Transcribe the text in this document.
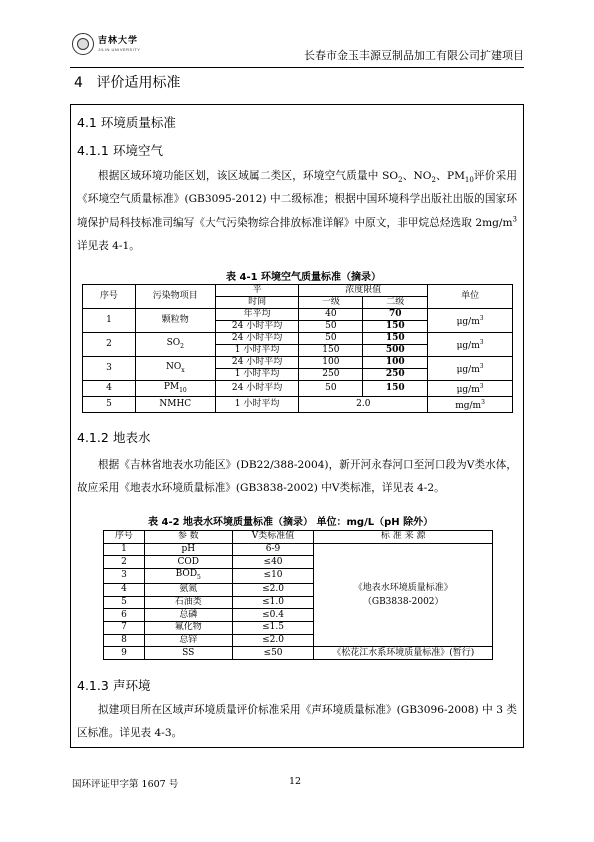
吉林大学
JILIN UNIVERSITY	长春市金玉丰源豆制品加工有限公司扩建项目
4 评价适用标准
4.1 环境质量标准
4.1.1 环境空气
根据区域环境功能区划，该区域属二类区，环境空气质量中 $SO_2$、$NO_2$、$PM_{10}$评价采用《环境空气质量标准》(GB3095-2012) 中二级标准；根据中国环境科学出版社出版的国家环境保护局科技标准司编写《大气污染物综合排放标准详解》中原文，非甲烷总烃选取 $2mg/m^3$ 详见表 4-1。
表 4-1 环境空气质量标准（摘录）
序号	污染物项目	平	浓度限值		单位
		时间	一级	二级	
1	颗粒物	年平均	40	70	$\mu g/m^3$
		24 小时平均	50	150	
2	$SO_2$	24 小时平均	50	150	$\mu g/m^3$
		1 小时平均	150	500	
3	$NO_x$	24 小时平均	100	100	$\mu g/m^3$
		1 小时平均	250	250	
4	$PM_{10}$	24 小时平均	50	150	$\mu g/m^3$
5	NMHC	1 小时平均	2.0		$mg/m^3$
4.1.2 地表水
根据《吉林省地表水功能区》(DB22/388-2004)，新开河永春河口至河口段为Ⅴ类水体，故应采用《地表水环境质量标准》(GB3838-2002) 中Ⅴ类标准，详见表 4-2。
表 4-2 地表水环境质量标准（摘录） 单位：mg/L（pH 除外）
序号	参 数	Ⅴ类标准值	标 准 来 源
1	pH	6-9	《地表水环境质量标准》
（GB3838-2002）
2	COD	≤40	
3	$BOD_5$	≤10	
4	氨氮	≤2.0	
5	石油类	≤1.0	
6	总磷	≤0.4	
7	氟化物	≤1.5	
8	总锌	≤2.0	
9	SS	≤50	《松花江水系环境质量标准》(暂行)
4.1.3 声环境
拟建项目所在区域声环境质量评价标准采用《声环境质量标准》(GB3096-2008) 中 3 类区标准。详见表 4-3。
国环评证甲字第 1607 号	12
